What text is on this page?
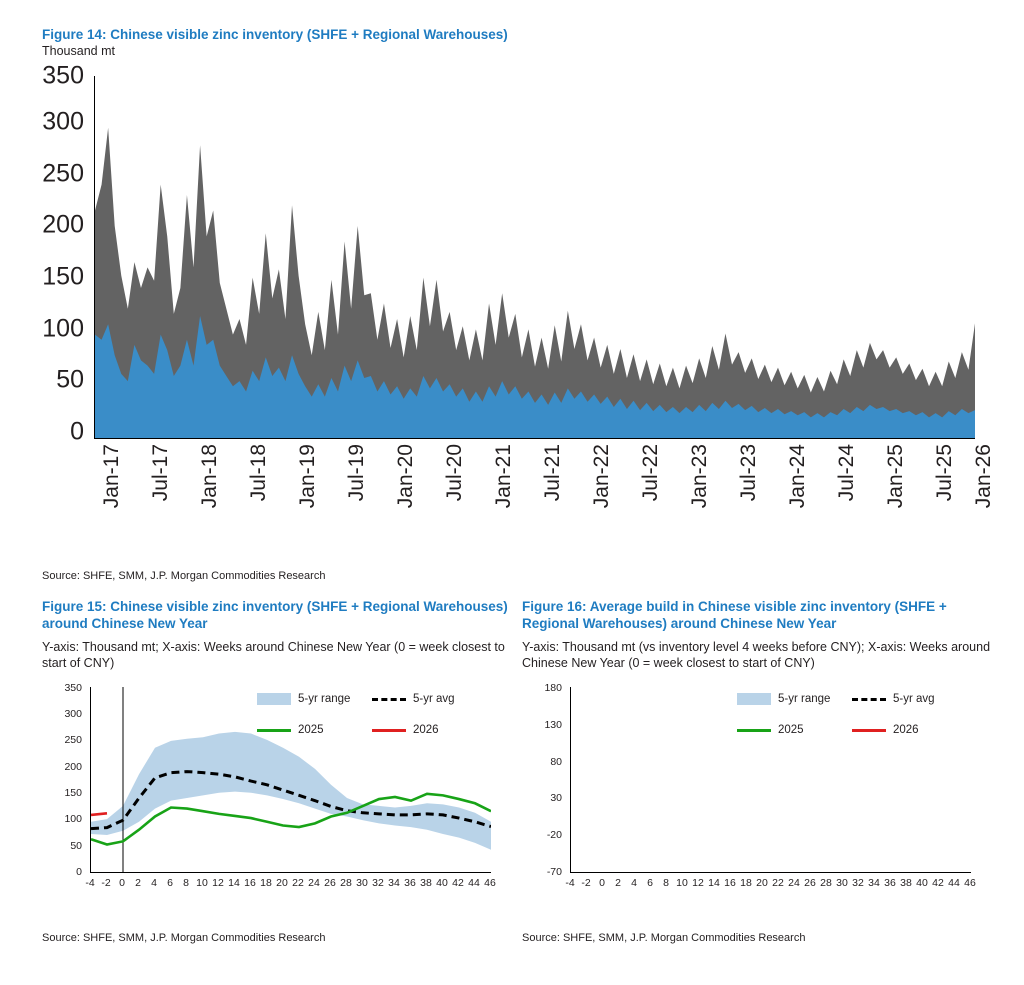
Figure 14: Chinese visible zinc inventory (SHFE + Regional Warehouses)
Thousand mt
0
50
100
150
200
250
300
350
Jan-17 Jul-17 Jan-18 Jul-18 Jan-19 Jul-19 Jan-20 Jul-20 Jan-21 Jul-21 Jan-22 Jul-22 Jan-23 Jul-23 Jan-24 Jul-24 Jan-25 Jul-25 Jan-26
Source: SHFE, SMM, J.P. Morgan Commodities Research
Figure 15: Chinese visible zinc inventory (SHFE + Regional Warehouses) around Chinese New Year
Y-axis: Thousand mt; X-axis: Weeks around Chinese New Year (0 = week closest to start of CNY)
5-yr range	5-yr avg
2025	2026
0
50
100
150
200
250
300
350
-4 -2 0 2 4 6 8 10 12 14 16 18 20 22 24 26 28 30 32 34 36 38 40 42 44 46
Source: SHFE, SMM, J.P. Morgan Commodities Research
Figure 16: Average build in Chinese visible zinc inventory (SHFE + Regional Warehouses) around Chinese New Year
Y-axis: Thousand mt (vs inventory level 4 weeks before CNY); X-axis: Weeks around Chinese New Year (0 = week closest to start of CNY)
5-yr range	5-yr avg
2025	2026
-70
-20
30
80
130
180
-4 -2 0 2 4 6 8 10 12 14 16 18 20 22 24 26 28 30 32 34 36 38 40 42 44 46
Source: SHFE, SMM, J.P. Morgan Commodities Research
